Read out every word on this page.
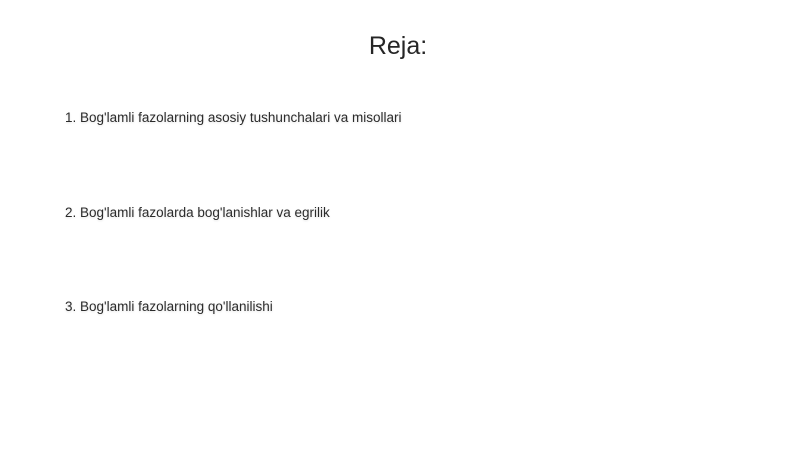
Reja:
1. Bog'lamli fazolarning asosiy tushunchalari va misollari
2. Bog'lamli fazolarda bog'lanishlar va egrilik
3. Bog'lamli fazolarning qo'llanilishi
